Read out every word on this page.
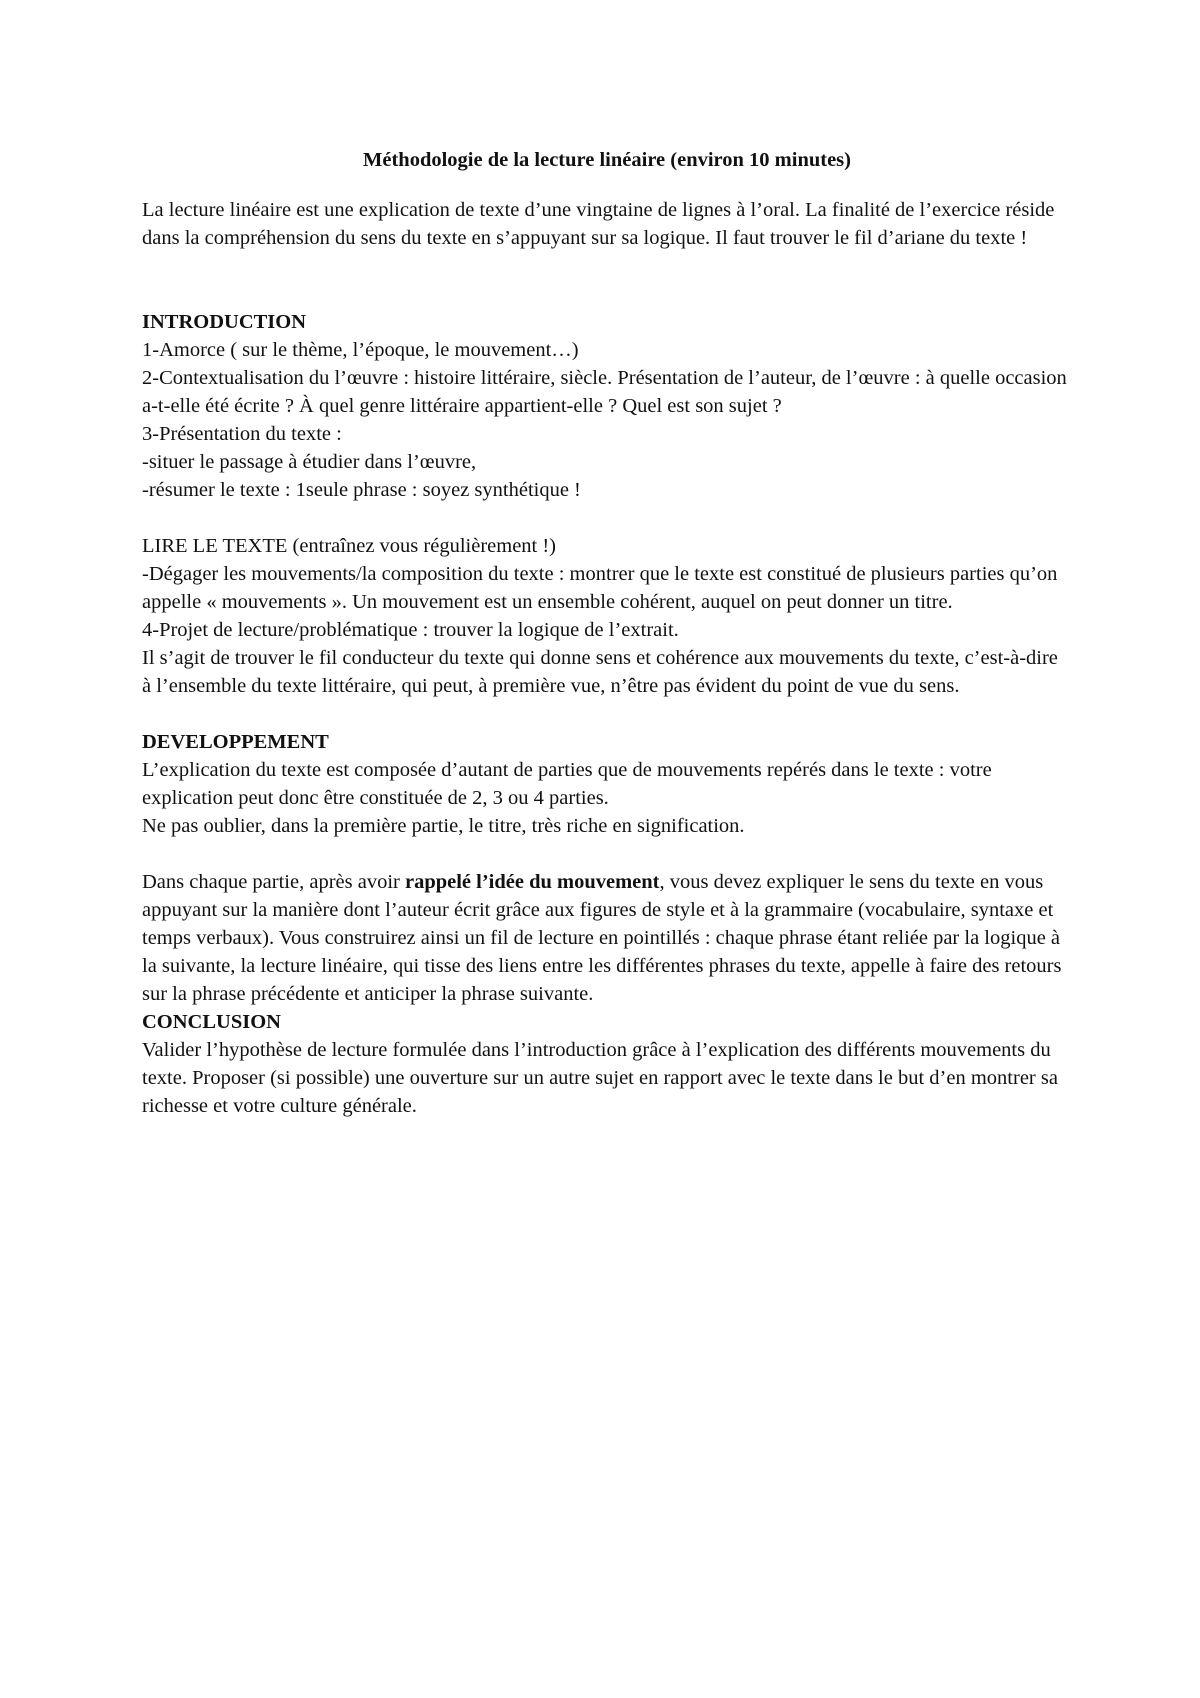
Méthodologie de la lecture linéaire (environ 10 minutes)

La lecture linéaire est une explication de texte d’une vingtaine de lignes à l’oral. La finalité de l’exercice réside dans la compréhension du sens du texte en s’appuyant sur sa logique. Il faut trouver le fil d’ariane du texte !

INTRODUCTION

1-Amorce ( sur le thème, l’époque, le mouvement…)

2-Contextualisation du l’œuvre : histoire littéraire, siècle. Présentation de l’auteur, de l’œuvre : à quelle occasion a-t-elle été écrite ? À quel genre littéraire appartient-elle ? Quel est son sujet ?

3-Présentation du texte :

-situer le passage à étudier dans l’œuvre,

-résumer le texte : 1seule phrase : soyez synthétique !

LIRE LE TEXTE (entraînez vous régulièrement !)

-Dégager les mouvements/la composition du texte : montrer que le texte est constitué de plusieurs parties qu’on appelle « mouvements ». Un mouvement est un ensemble cohérent, auquel on peut donner un titre.

4-Projet de lecture/problématique : trouver la logique de l’extrait.

Il s’agit de trouver le fil conducteur du texte qui donne sens et cohérence aux mouvements du texte, c’est-à-dire à l’ensemble du texte littéraire, qui peut, à première vue, n’être pas évident du point de vue du sens.

DEVELOPPEMENT

L’explication du texte est composée d’autant de parties que de mouvements repérés dans le texte : votre explication peut donc être constituée de 2, 3 ou 4 parties.

Ne pas oublier, dans la première partie, le titre, très riche en signification.

Dans chaque partie, après avoir rappelé l’idée du mouvement, vous devez expliquer le sens du texte en vous appuyant sur la manière dont l’auteur écrit grâce aux figures de style et à la grammaire (vocabulaire, syntaxe et temps verbaux). Vous construirez ainsi un fil de lecture en pointillés : chaque phrase étant reliée par la logique à la suivante, la lecture linéaire, qui tisse des liens entre les différentes phrases du texte, appelle à faire des retours sur la phrase précédente et anticiper la phrase suivante.

CONCLUSION

Valider l’hypothèse de lecture formulée dans l’introduction grâce à l’explication des différents mouvements du texte. Proposer (si possible) une ouverture sur un autre sujet en rapport avec le texte dans le but d’en montrer sa richesse et votre culture générale.
